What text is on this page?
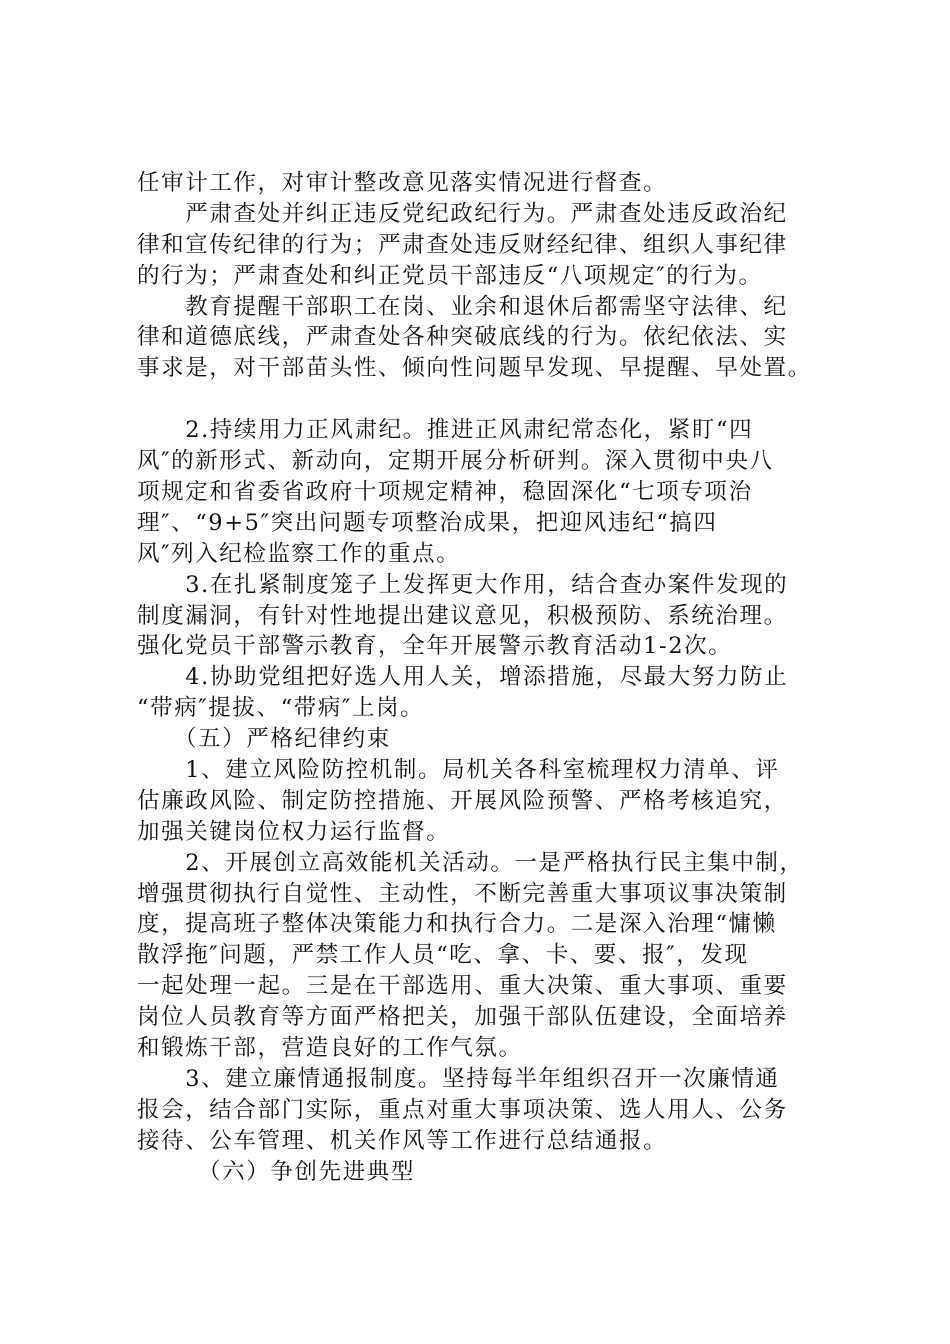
任审计工作，对审计整改意见落实情况进行督查。
　　严肃查处并纠正违反党纪政纪行为。严肃查处违反政治纪
律和宣传纪律的行为；严肃查处违反财经纪律、组织人事纪律
的行为；严肃查处和纠正党员干部违反“八项规定″的行为。
　　教育提醒干部职工在岗、业余和退休后都需坚守法律、纪
律和道德底线，严肃查处各种突破底线的行为。依纪依法、实
事求是，对干部苗头性、倾向性问题早发现、早提醒、早处置。
　　2.持续用力正风肃纪。推进正风肃纪常态化，紧盯“四
风″的新形式、新动向，定期开展分析研判。深入贯彻中央八
项规定和省委省政府十项规定精神，稳固深化“七项专项治
理″、“9+5″突出问题专项整治成果，把迎风违纪“搞四
风″列入纪检监察工作的重点。
　　3.在扎紧制度笼子上发挥更大作用，结合查办案件发现的
制度漏洞，有针对性地提出建议意见，积极预防、系统治理。
强化党员干部警示教育，全年开展警示教育活动1-2次。
　　4.协助党组把好选人用人关，增添措施，尽最大努力防止
“带病″提拔、“带病″上岗。
　　（五）严格纪律约束
　　1、建立风险防控机制。局机关各科室梳理权力清单、评
估廉政风险、制定防控措施、开展风险预警、严格考核追究，
加强关键岗位权力运行监督。
　　2、开展创立高效能机关活动。一是严格执行民主集中制，
增强贯彻执行自觉性、主动性，不断完善重大事项议事决策制
度，提高班子整体决策能力和执行合力。二是深入治理“慵懒
散浮拖″问题，严禁工作人员“吃、拿、卡、要、报″，发现
一起处理一起。三是在干部选用、重大决策、重大事项、重要
岗位人员教育等方面严格把关，加强干部队伍建设，全面培养
和锻炼干部，营造良好的工作气氛。
　　3、建立廉情通报制度。坚持每半年组织召开一次廉情通
报会，结合部门实际，重点对重大事项决策、选人用人、公务
接待、公车管理、机关作风等工作进行总结通报。
　　　（六）争创先进典型
